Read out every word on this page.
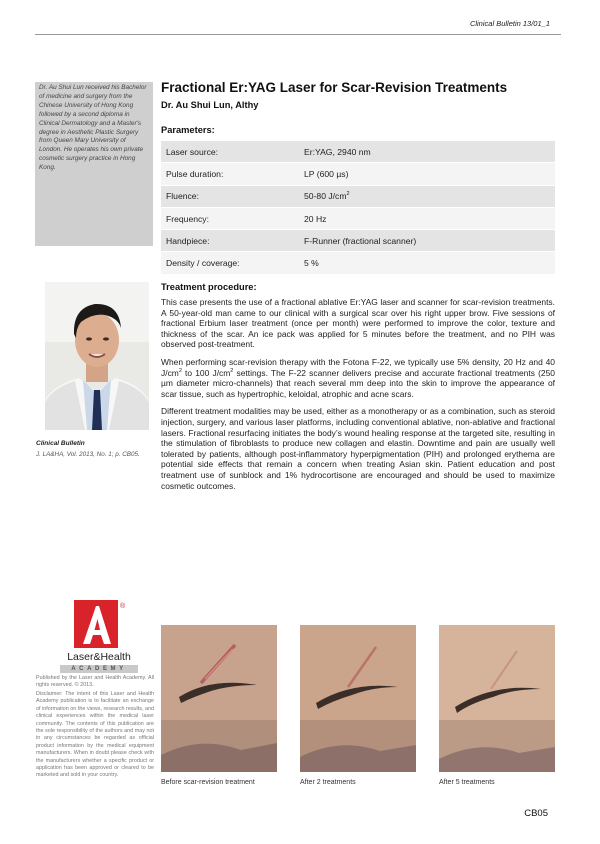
Clinical Bulletin 13/01_1
Dr. Au Shui Lun received his Bachelor of medicine and surgery from the Chinese University of Hong Kong followed by a second diploma in Clinical Dermatology and a Master's degree in Aesthetic Plastic Surgery from Queen Mary University of London. He operates his own private cosmetic surgery practice in Hong Kong.
Clinical Bulletin
J. LA&HA, Vol. 2013, No. 1; p. CB05.
Fractional Er:YAG Laser for Scar-Revision Treatments
Dr. Au Shui Lun, Althy
Parameters:
Laser source:	Er:YAG, 2940 nm
Pulse duration:	LP (600 µs)
Fluence:	50-80 $J/cm^2$
Frequency:	20 Hz
Handpiece:	F-Runner (fractional scanner)
Density / coverage:	5 %
Treatment procedure:

This case presents the use of a fractional ablative Er:YAG laser and scanner for scar-revision treatments. A 50-year-old man came to our clinical with a surgical scar over his right upper brow. Five sessions of fractional Erbium laser treatment (once per month) were performed to improve the color, texture and thickness of the scar. An ice pack was applied for 5 minutes before the treatment, and no PIH was observed post-treatment.

When performing scar-revision therapy with the Fotona F-22, we typically use 5% density, 20 Hz and 40 $J/cm^2$ to 100 $J/cm^2$ settings. The F-22 scanner delivers precise and accurate fractional treatments (250 µm diameter micro-channels) that reach several mm deep into the skin to improve the appearance of scar tissue, such as hypertrophic, keloidal, atrophic and acne scars.

Different treatment modalities may be used, either as a monotherapy or as a combination, such as steroid injection, surgery, and various laser platforms, including conventional ablative, non-ablative and fractional lasers. Fractional resurfacing initiates the body’s wound healing response at the targeted site, resulting in the stimulation of fibroblasts to produce new collagen and elastin. Downtime and pain are usually well tolerated by patients, although post-inflammatory hyperpigmentation (PIH) and prolonged erythema are potential side effects that remain a concern when treating Asian skin. Patient education and post treatment use of sunblock and 1% hydrocortisone are encouraged and should be used to maximize cosmetic outcomes.

®
Laser&Health
ACADEMY
Published by the Laser and Health Academy. All rights reserved. © 2013.
Disclaimer: The intent of this Laser and Health Academy publication is to facilitate an exchange of information on the views, research results, and clinical experiences within the medical laser community. The contents of this publication are the sole responsibility of the authors and may not in any circumstances be regarded as official product information by the medical equipment manufacturers. When in doubt please check with the manufacturers whether a specific product or application has been approved or cleared to be marketed and sold in your country.
Before scar-revision treatment	After 2 treatments	After 5 treatments
CB05
